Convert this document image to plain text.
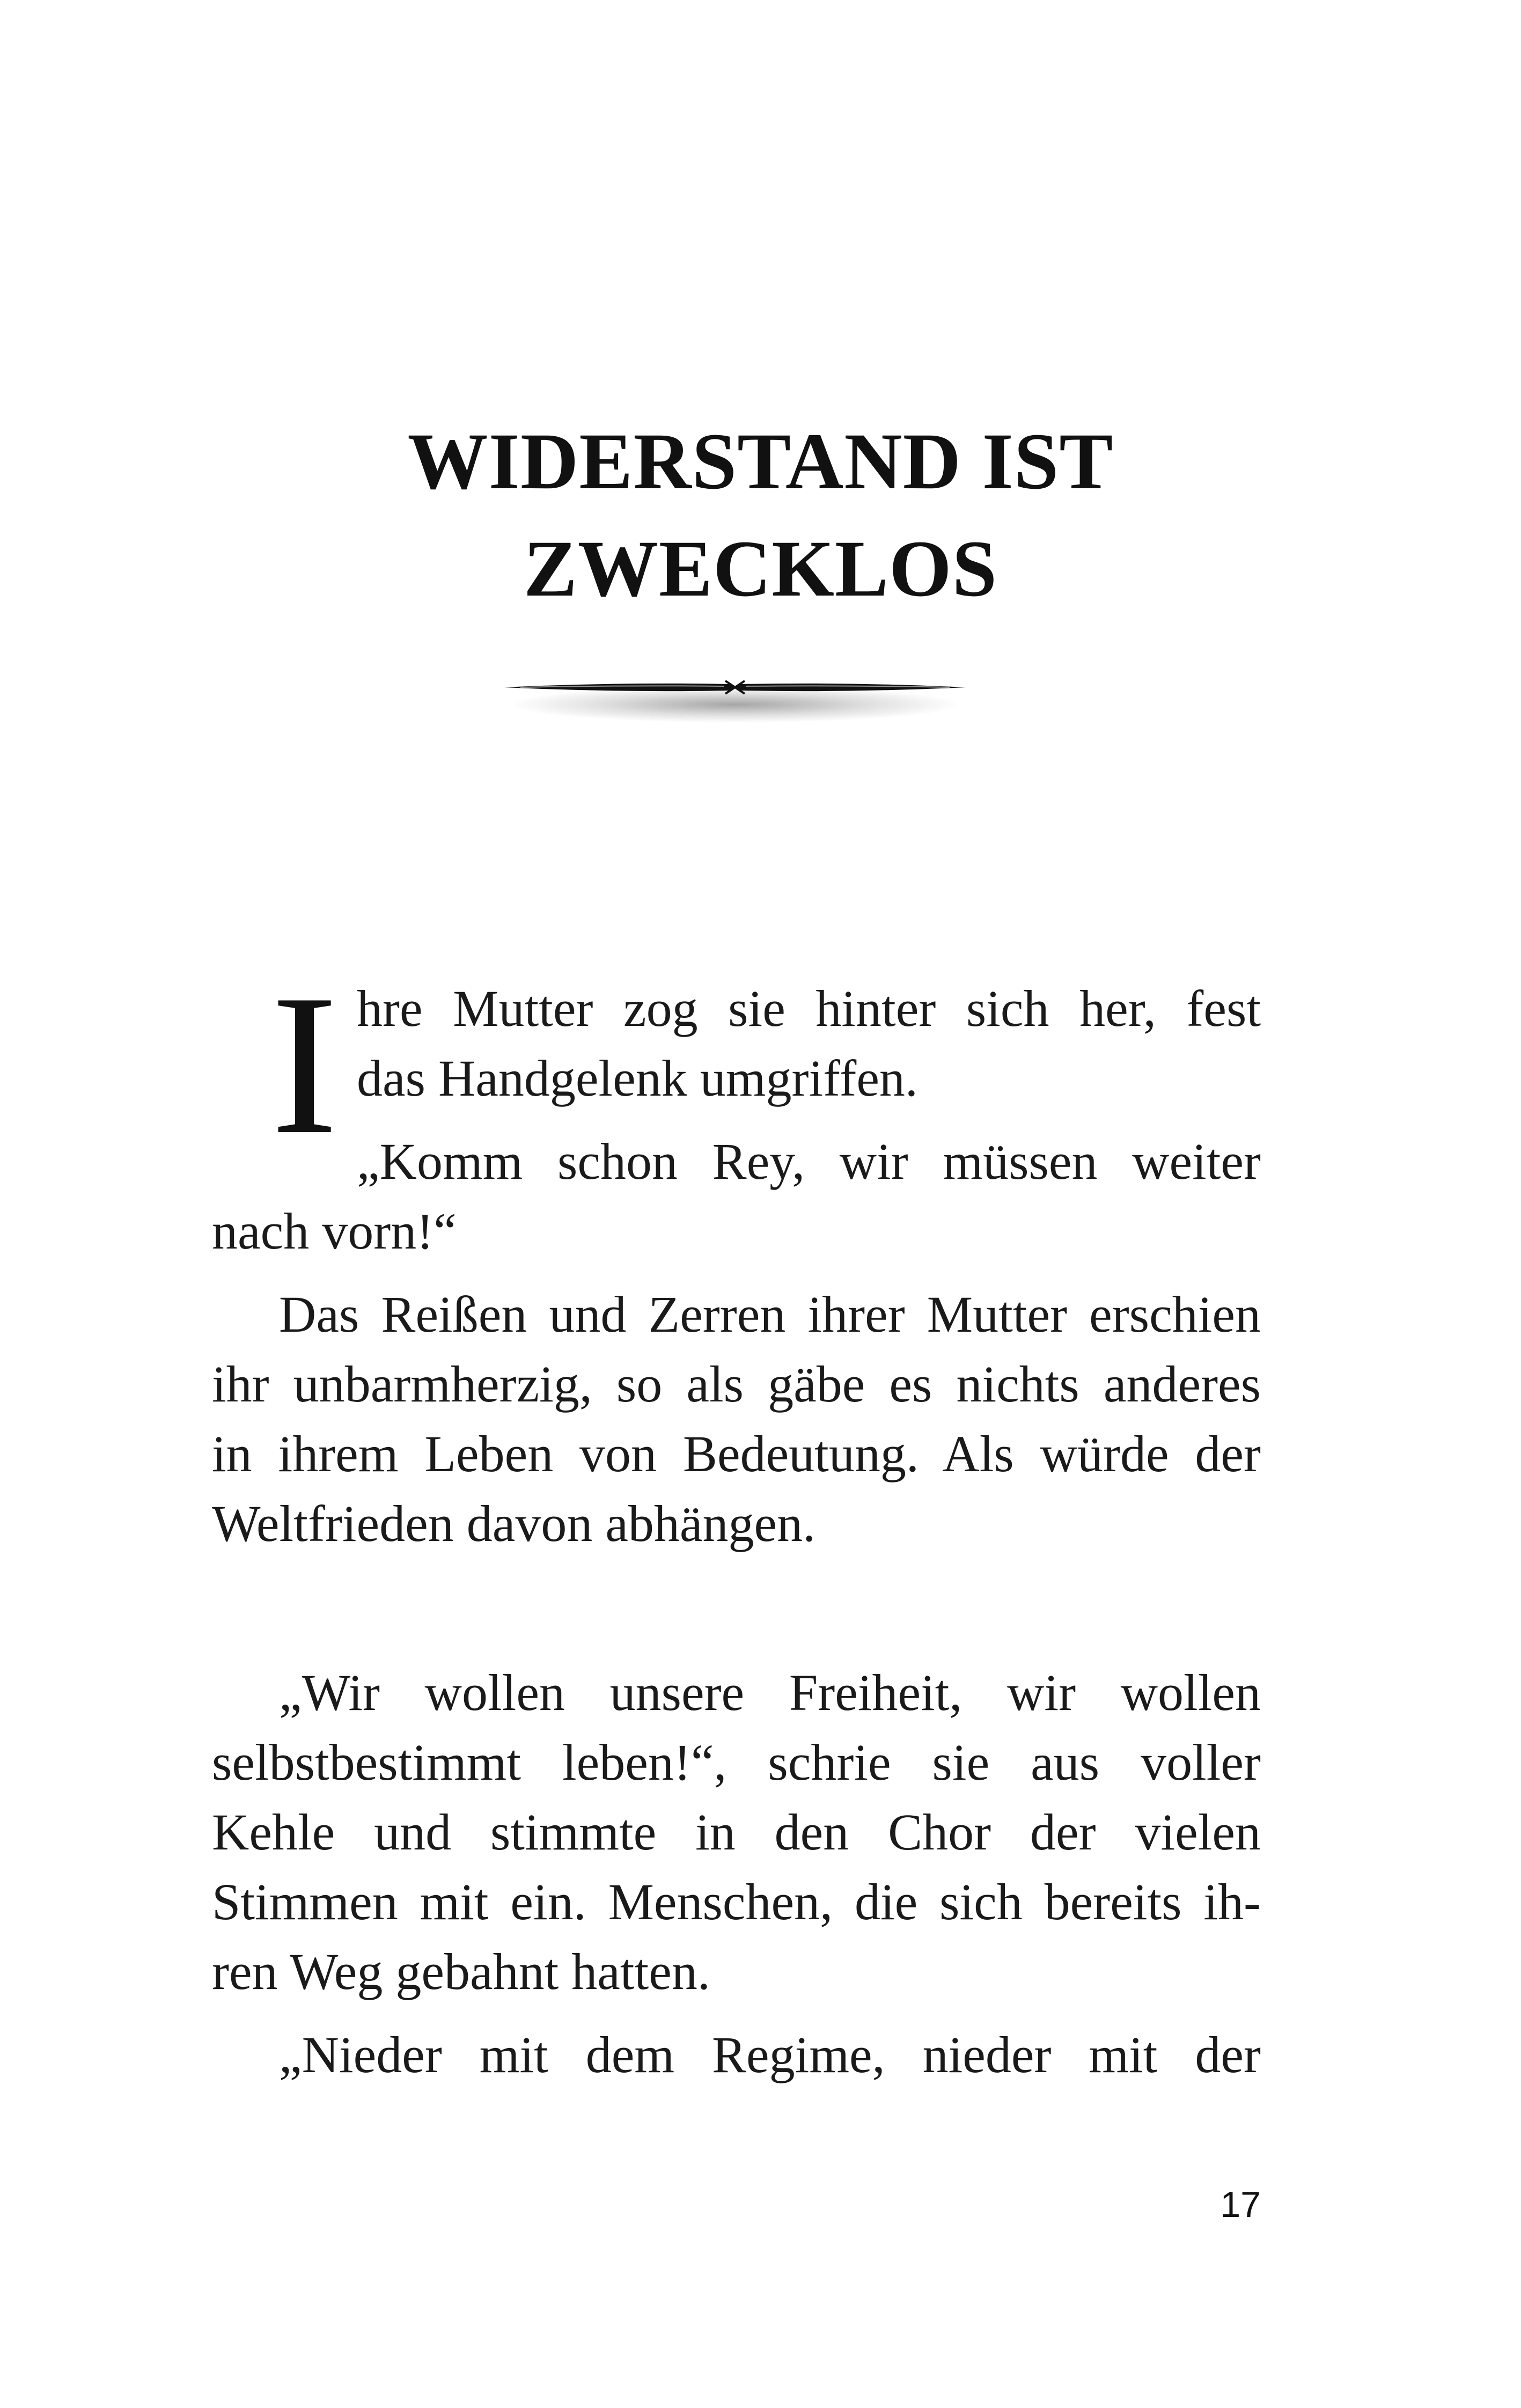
WIDERSTAND IST
ZWECKLOS
I hre Mutter zog sie hinter sich her, fest
das Handgelenk umgriffen.
„Komm schon Rey, wir müssen weiter
nach vorn!“
Das Reißen und Zerren ihrer Mutter erschien
ihr unbarmherzig, so als gäbe es nichts anderes
in ihrem Leben von Bedeutung. Als würde der
Weltfrieden davon abhängen.
„Wir wollen unsere Freiheit, wir wollen
selbstbestimmt leben!“, schrie sie aus voller
Kehle und stimmte in den Chor der vielen
Stimmen mit ein. Menschen, die sich bereits ih-
ren Weg gebahnt hatten.
„Nieder mit dem Regime, nieder mit der
17
